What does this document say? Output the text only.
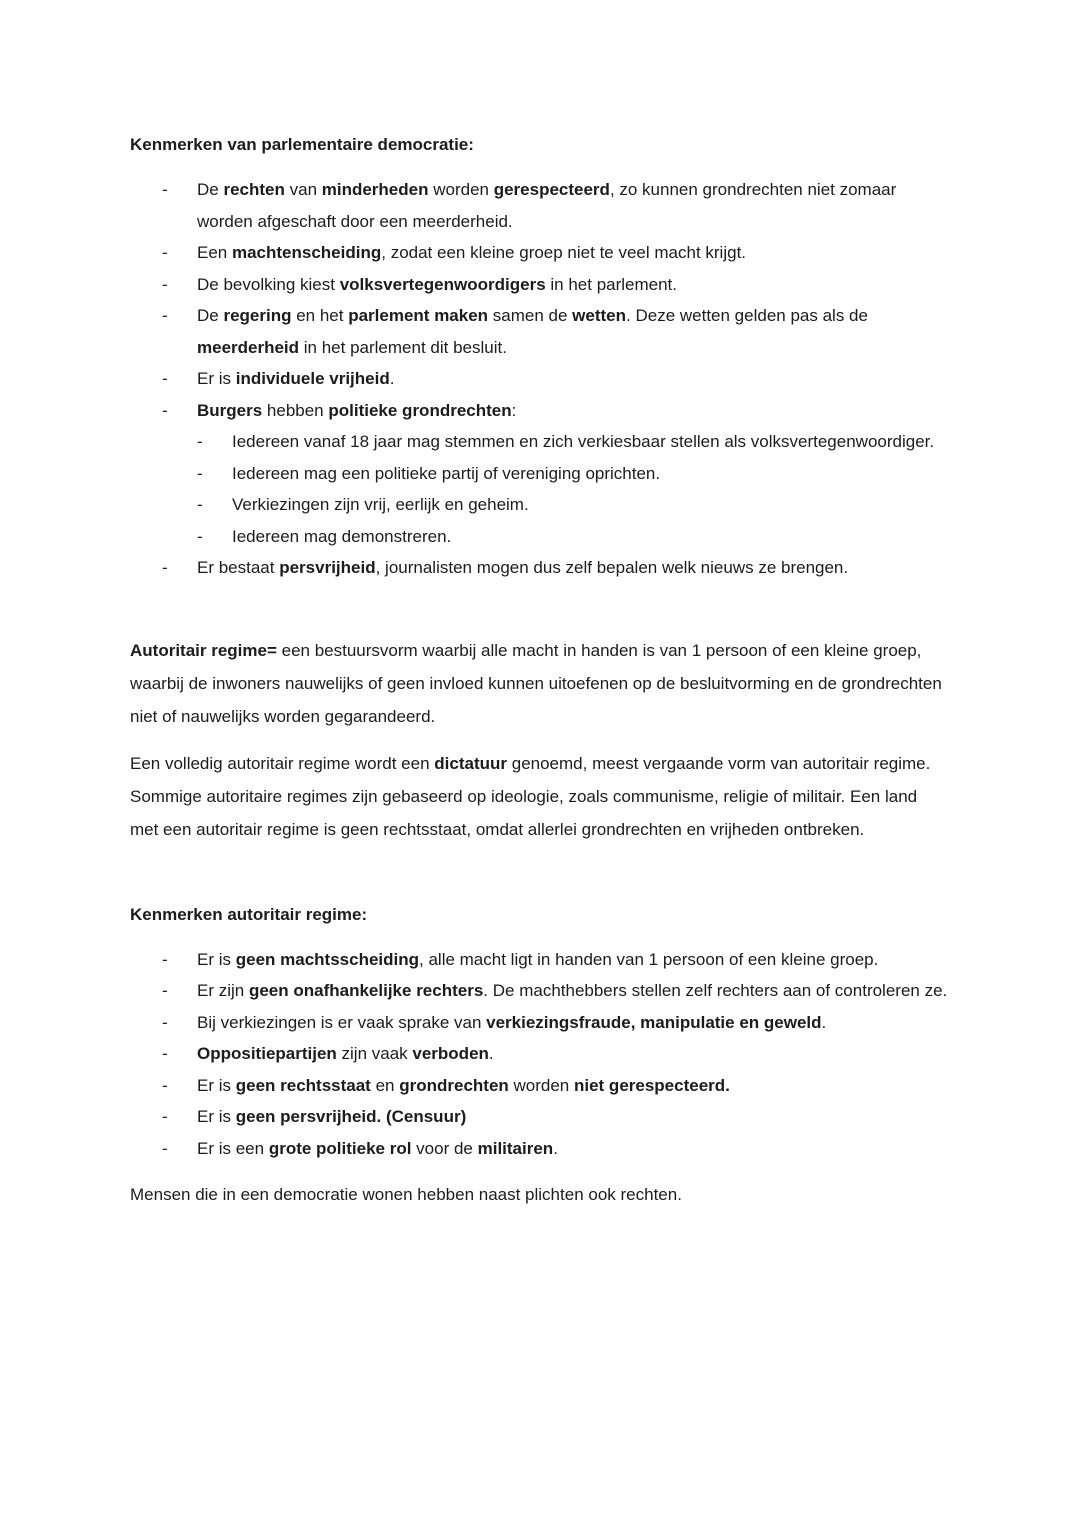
Kenmerken van parlementaire democratie:

-	De rechten van minderheden worden gerespecteerd, zo kunnen grondrechten niet zomaar worden afgeschaft door een meerderheid.
-	Een machtenscheiding, zodat een kleine groep niet te veel macht krijgt.
-	De bevolking kiest volksvertegenwoordigers in het parlement.
-	De regering en het parlement maken samen de wetten. Deze wetten gelden pas als de meerderheid in het parlement dit besluit.
-	Er is individuele vrijheid.
-	Burgers hebben politieke grondrechten:
-	Iedereen vanaf 18 jaar mag stemmen en zich verkiesbaar stellen als volksvertegenwoordiger.
-	Iedereen mag een politieke partij of vereniging oprichten.
-	Verkiezingen zijn vrij, eerlijk en geheim.
-	Iedereen mag demonstreren.
-	Er bestaat persvrijheid, journalisten mogen dus zelf bepalen welk nieuws ze brengen.

Autoritair regime= een bestuursvorm waarbij alle macht in handen is van 1 persoon of een kleine groep, waarbij de inwoners nauwelijks of geen invloed kunnen uitoefenen op de besluitvorming en de grondrechten niet of nauwelijks worden gegarandeerd.

Een volledig autoritair regime wordt een dictatuur genoemd, meest vergaande vorm van autoritair regime. Sommige autoritaire regimes zijn gebaseerd op ideologie, zoals communisme, religie of militair. Een land met een autoritair regime is geen rechtsstaat, omdat allerlei grondrechten en vrijheden ontbreken.

Kenmerken autoritair regime:

-	Er is geen machtsscheiding, alle macht ligt in handen van 1 persoon of een kleine groep.
-	Er zijn geen onafhankelijke rechters. De machthebbers stellen zelf rechters aan of controleren ze.
-	Bij verkiezingen is er vaak sprake van verkiezingsfraude, manipulatie en geweld.
-	Oppositiepartijen zijn vaak verboden.
-	Er is geen rechtsstaat en grondrechten worden niet gerespecteerd.
-	Er is geen persvrijheid. (Censuur)
-	Er is een grote politieke rol voor de militairen.

Mensen die in een democratie wonen hebben naast plichten ook rechten.
